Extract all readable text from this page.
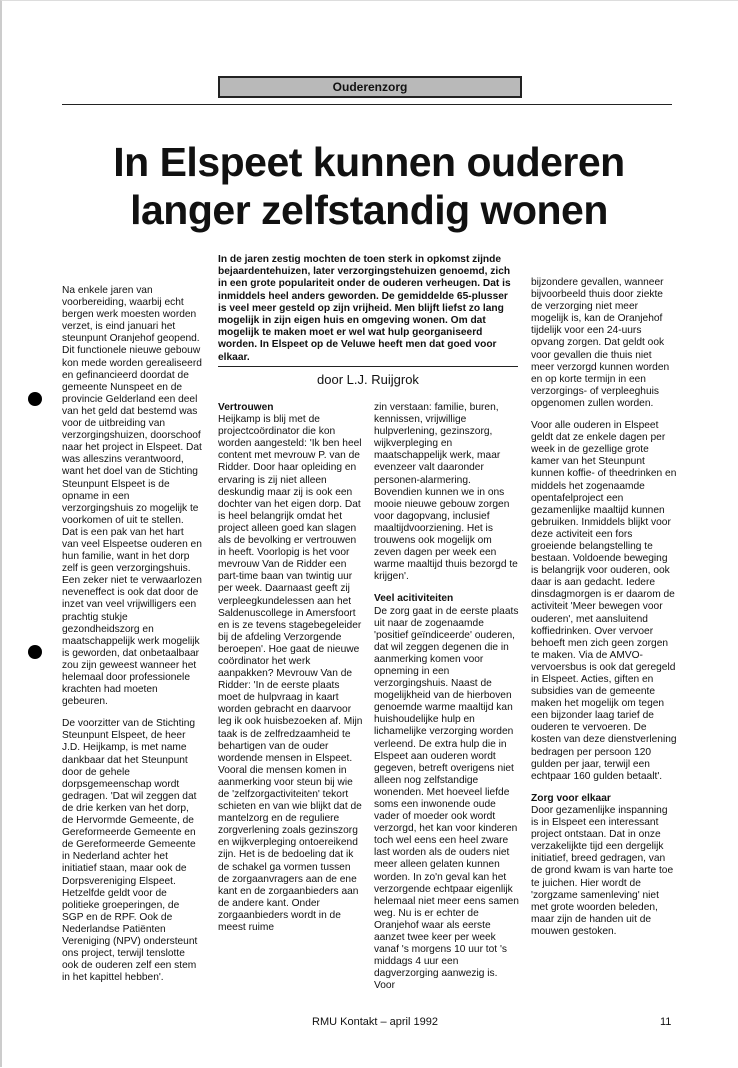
Ouderenzorg
In Elspeet kunnen ouderen
langer zelfstandig wonen
In de jaren zestig mochten de toen sterk in opkomst zijnde bejaardentehuizen, later verzorgingstehuizen genoemd, zich in een grote populariteit onder de ouderen verheugen. Dat is inmiddels heel anders geworden. De gemiddelde 65-plusser is veel meer gesteld op zijn vrijheid. Men blijft liefst zo lang mogelijk in zijn eigen huis en omgeving wonen. Om dat mogelijk te maken moet er wel wat hulp georganiseerd worden. In Elspeet op de Veluwe heeft men dat goed voor elkaar.
door L.J. Ruijgrok

Na enkele jaren van voorbereiding, waarbij echt bergen werk moesten worden verzet, is eind januari het steunpunt Oranjehof geopend. Dit functionele nieuwe gebouw kon mede worden gerealiseerd en gefinancieerd doordat de gemeente Nunspeet en de provincie Gelderland een deel van het geld dat bestemd was voor de uitbreiding van verzorgingshuizen, doorschoof naar het project in Elspeet. Dat was alleszins verantwoord, want het doel van de Stichting Steunpunt Elspeet is de opname in een verzorgingshuis zo mogelijk te voorkomen of uit te stellen. Dat is een pak van het hart van veel Elspeetse ouderen en hun familie, want in het dorp zelf is geen verzorgingshuis. Een zeker niet te verwaarlozen neveneffect is ook dat door de inzet van veel vrijwilligers een prachtig stukje gezondheidszorg en maatschappelijk werk mogelijk is geworden, dat onbetaalbaar zou zijn geweest wanneer het helemaal door professionele krachten had moeten gebeuren.

De voorzitter van de Stichting Steunpunt Elspeet, de heer J.D. Heijkamp, is met name dankbaar dat het Steunpunt door de gehele dorpsgemeenschap wordt gedragen. 'Dat wil zeggen dat de drie kerken van het dorp, de Hervormde Gemeente, de Gereformeerde Gemeente en de Gereformeerde Gemeente in Nederland achter het initiatief staan, maar ook de Dorpsvereniging Elspeet. Hetzelfde geldt voor de politieke groeperingen, de SGP en de RPF. Ook de Nederlandse Patiënten Vereniging (NPV) ondersteunt ons project, terwijl tenslotte ook de ouderen zelf een stem in het kapittel hebben'.

Vertrouwen

Heijkamp is blij met de projectcoördinator die kon worden aangesteld: 'Ik ben heel content met mevrouw P. van de Ridder. Door haar opleiding en ervaring is zij niet alleen deskundig maar zij is ook een dochter van het eigen dorp. Dat is heel belangrijk omdat het project alleen goed kan slagen als de bevolking er vertrouwen in heeft. Voorlopig is het voor mevrouw Van de Ridder een part-time baan van twintig uur per week. Daarnaast geeft zij verpleegkundelessen aan het Saldenuscollege in Amersfoort en is ze tevens stagebegeleider bij de afdeling Verzorgende beroepen'. Hoe gaat de nieuwe coördinator het werk aanpakken? Mevrouw Van de Ridder: 'In de eerste plaats moet de hulpvraag in kaart worden gebracht en daarvoor leg ik ook huisbezoeken af. Mijn taak is de zelfredzaamheid te behartigen van de ouder wordende mensen in Elspeet. Vooral die mensen komen in aanmerking voor steun bij wie de 'zelfzorgactiviteiten' tekort schieten en van wie blijkt dat de mantelzorg en de reguliere zorgverlening zoals gezinszorg en wijkverpleging ontoereikend zijn. Het is de bedoeling dat ik de schakel ga vormen tussen de zorgaanvragers aan de ene kant en de zorgaanbieders aan de andere kant. Onder zorgaanbieders wordt in de meest ruime

zin verstaan: familie, buren, kennissen, vrijwillige hulpverlening, gezinszorg, wijkverpleging en maatschappelijk werk, maar evenzeer valt daaronder personen-alarmering. Bovendien kunnen we in ons mooie nieuwe gebouw zorgen voor dagopvang, inclusief maaltijdvoorziening. Het is trouwens ook mogelijk om zeven dagen per week een warme maaltijd thuis bezorgd te krijgen'.

Veel acitiviteiten

De zorg gaat in de eerste plaats uit naar de zogenaamde 'positief geïndiceerde' ouderen, dat wil zeggen degenen die in aanmerking komen voor opneming in een verzorgingshuis. Naast de mogelijkheid van de hierboven genoemde warme maaltijd kan huishoudelijke hulp en lichamelijke verzorging worden verleend. De extra hulp die in Elspeet aan ouderen wordt gegeven, betreft overigens niet alleen nog zelfstandige wonenden. Met hoeveel liefde soms een inwonende oude vader of moeder ook wordt verzorgd, het kan voor kinderen toch wel eens een heel zware last worden als de ouders niet meer alleen gelaten kunnen worden. In zo'n geval kan het verzorgende echtpaar eigenlijk helemaal niet meer eens samen weg. Nu is er echter de Oranjehof waar als eerste aanzet twee keer per week vanaf 's morgens 10 uur tot 's middags 4 uur een dagverzorging aanwezig is. Voor

bijzondere gevallen, wanneer bijvoorbeeld thuis door ziekte de verzorging niet meer mogelijk is, kan de Oranjehof tijdelijk voor een 24-uurs opvang zorgen. Dat geldt ook voor gevallen die thuis niet meer verzorgd kunnen worden en op korte termijn in een verzorgings- of verpleeghuis opgenomen zullen worden.

Voor alle ouderen in Elspeet geldt dat ze enkele dagen per week in de gezellige grote kamer van het Steunpunt kunnen koffie- of theedrinken en middels het zogenaamde opentafelproject een gezamenlijke maaltijd kunnen gebruiken. Inmiddels blijkt voor deze activiteit een fors groeiende belangstelling te bestaan. Voldoende beweging is belangrijk voor ouderen, ook daar is aan gedacht. Iedere dinsdagmorgen is er daarom de activiteit 'Meer bewegen voor ouderen', met aansluitend koffiedrinken. Over vervoer behoeft men zich geen zorgen te maken. Via de AMVO-vervoersbus is ook dat geregeld in Elspeet. Acties, giften en subsidies van de gemeente maken het mogelijk om tegen een bijzonder laag tarief de ouderen te vervoeren. De kosten van deze dienstverlening bedragen per persoon 120 gulden per jaar, terwijl een echtpaar 160 gulden betaalt'.

Zorg voor elkaar

Door gezamenlijke inspanning is in Elspeet een interessant project ontstaan. Dat in onze verzakelijkte tijd een dergelijk initiatief, breed gedragen, van de grond kwam is van harte toe te juichen. Hier wordt de 'zorgzame samenleving' niet met grote woorden beleden, maar zijn de handen uit de mouwen gestoken.

RMU Kontakt – april 1992	11
